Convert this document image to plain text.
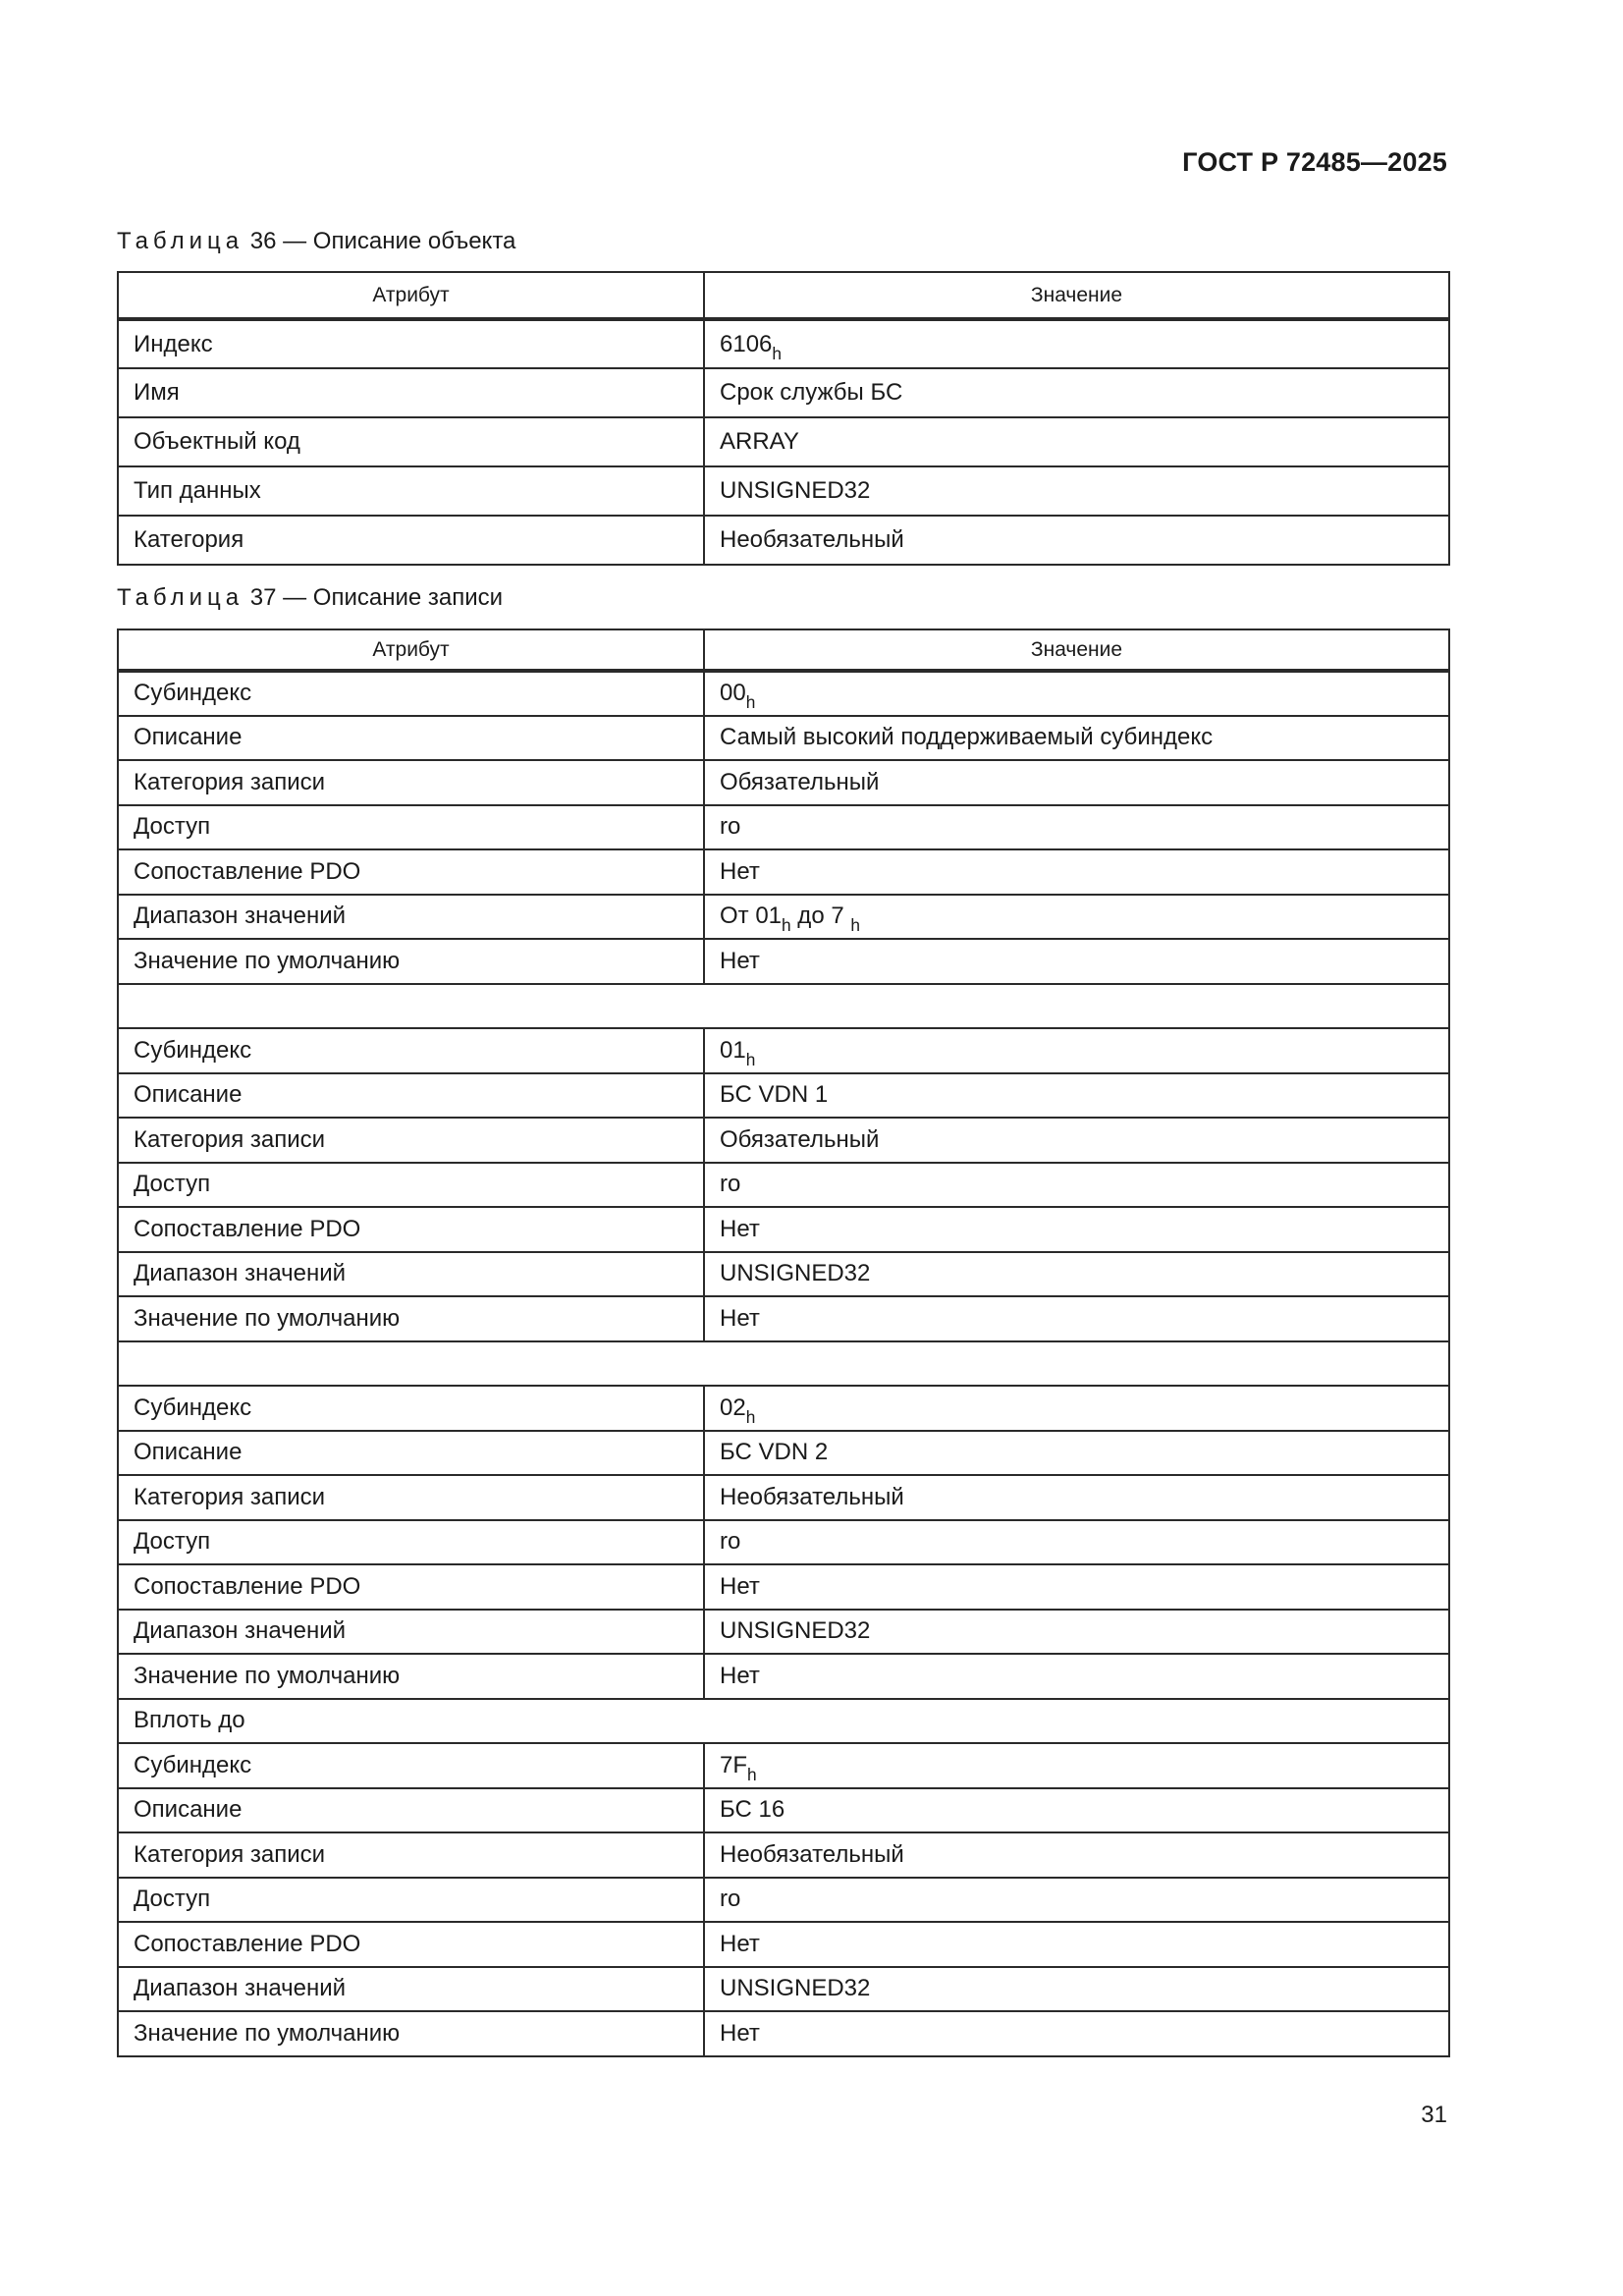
ГОСТ Р 72485—2025
Таблица 36 — Описание объекта
Атрибут	Значение
Индекс	$6106_h$
Имя	Срок службы БС
Объектный код	ARRAY
Тип данных	UNSIGNED32
Категория	Необязательный
Таблица 37 — Описание записи
Атрибут	Значение
Субиндекс	$00_h$
Описание	Самый высокий поддерживаемый субиндекс
Категория записи	Обязательный
Доступ	ro
Сопоставление PDO	Нет
Диапазон значений	От $01_h$ до 7 $_h$
Значение по умолчанию	Нет

Субиндекс	$01_h$
Описание	БС VDN 1
Категория записи	Обязательный
Доступ	ro
Сопоставление PDO	Нет
Диапазон значений	UNSIGNED32
Значение по умолчанию	Нет

Субиндекс	$02_h$
Описание	БС VDN 2
Категория записи	Необязательный
Доступ	ro
Сопоставление PDO	Нет
Диапазон значений	UNSIGNED32
Значение по умолчанию	Нет
Вплоть до	
Субиндекс	$7F_h$
Описание	БС 16
Категория записи	Необязательный
Доступ	ro
Сопоставление PDO	Нет
Диапазон значений	UNSIGNED32
Значение по умолчанию	Нет
31
